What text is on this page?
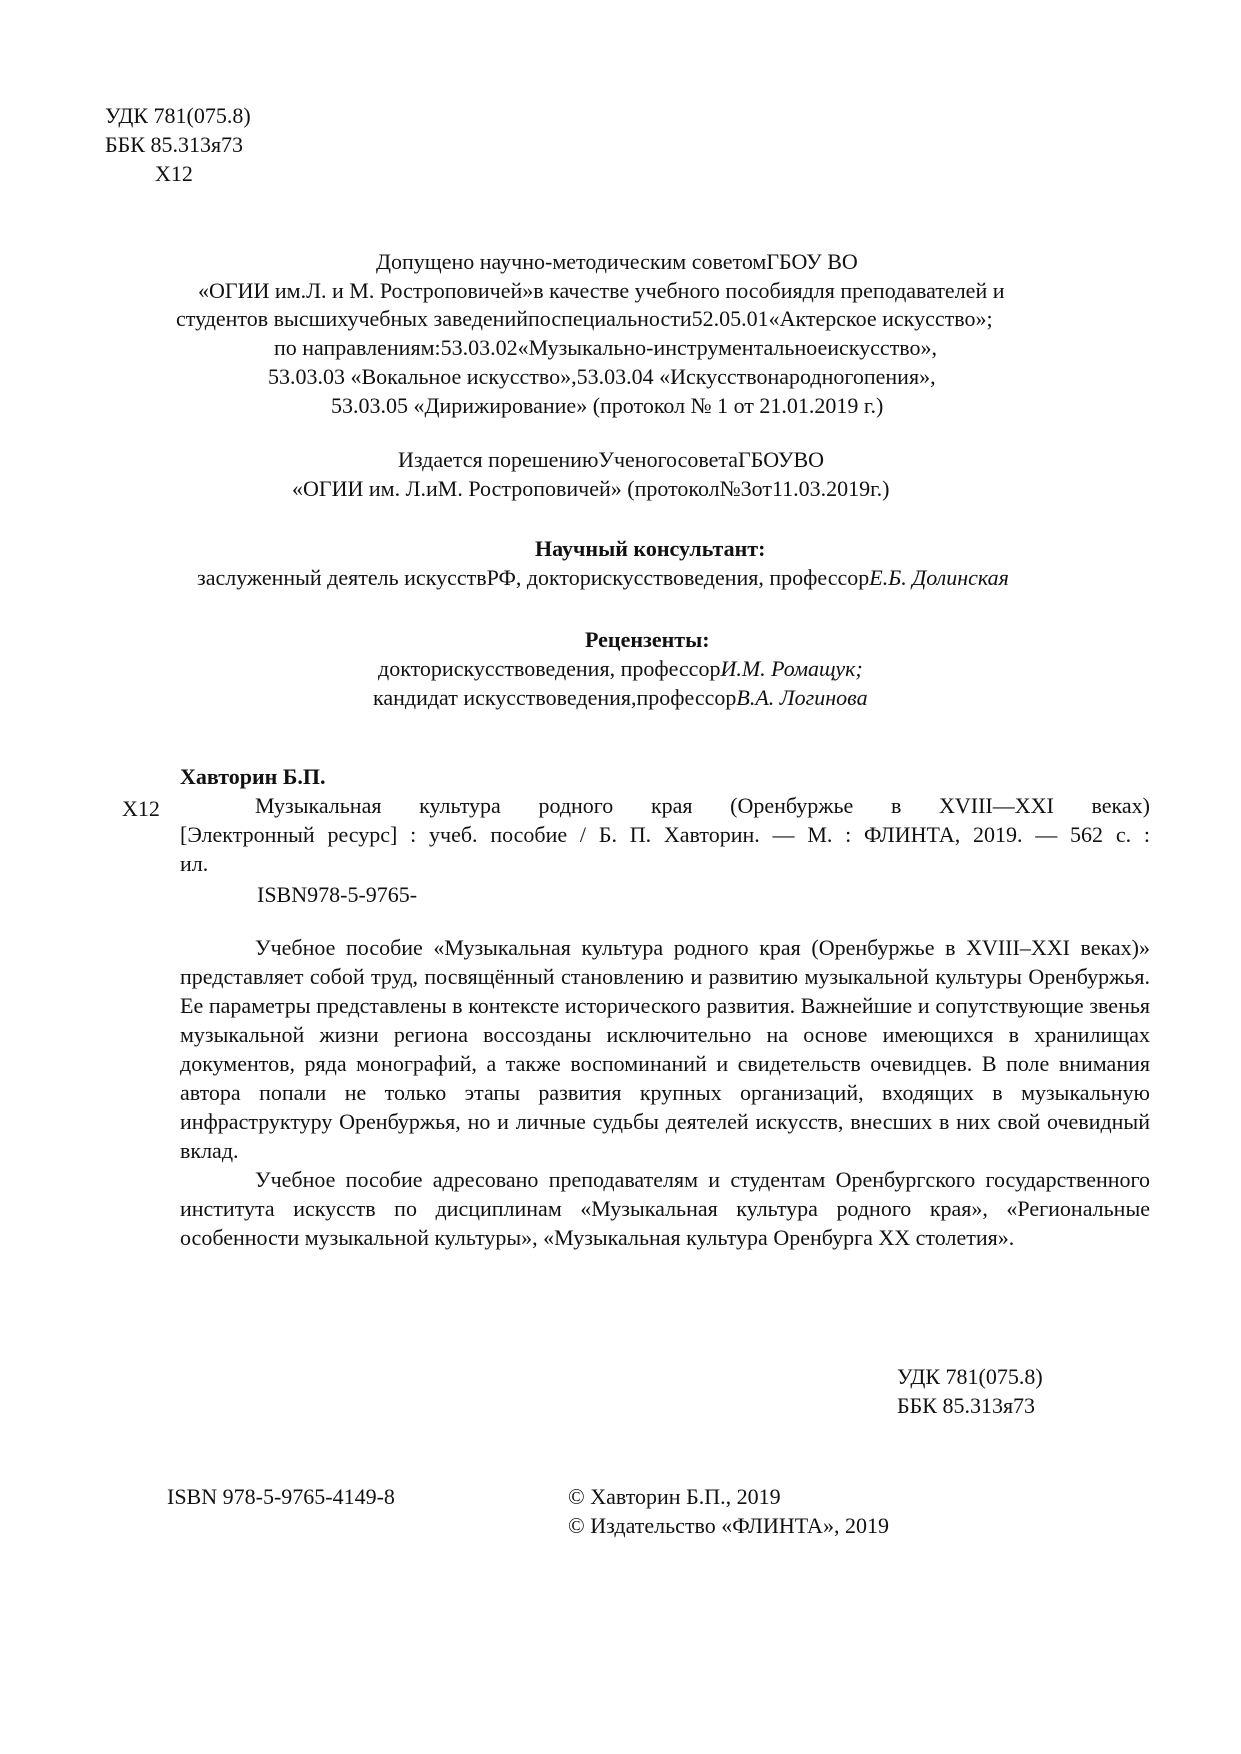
УДК 781(075.8)
ББК 85.313я73
Х12
Допущено научно-методическим советомГБОУ ВО
«ОГИИ им.Л. и М. Ростроповичей»в качестве учебного пособиядля преподавателей и
студентов высшихучебных заведенийпоспециальности52.05.01«Актерское искусство»;
по направлениям:53.03.02«Музыкально-инструментальноеискусство»,
53.03.03 «Вокальное искусство»,53.03.04 «Искусствонародногопения»,
53.03.05 «Дирижирование» (протокол № 1 от 21.01.2019 г.)
Издается порешениюУченогосоветаГБОУВО
«ОГИИ им. Л.иМ. Ростроповичей» (протокол№3от11.03.2019г.)
Научный консультант:
заслуженный деятель искусствРФ, докторискусствоведения, профессорЕ.Б. Долинская
Рецензенты:
докторискусствоведения, профессорИ.М. Ромащук;
кандидат искусствоведения,профессорВ.А. Логинова
Хавторин Б.П.
Х12	Музыкальная культура родного края (Оренбуржье в XVIII—XXI веках)
[Электронный ресурс] : учеб. пособие / Б. П. Хавторин. — М. : ФЛИНТА, 2019. — 562 с. :
ил.
ISBN978-5-9765-

Учебное пособие «Музыкальная культура родного края (Оренбуржье в XVIII–XXI веках)» представляет собой труд, посвящённый становлению и развитию музыкальной культуры Оренбуржья. Ее параметры представлены в контексте исторического развития. Важнейшие и сопутствующие звенья музыкальной жизни региона воссозданы исключительно на основе имеющихся в хранилищах документов, ряда монографий, а также воспоминаний и свидетельств очевидцев. В поле внимания автора попали не только этапы развития крупных организаций, входящих в музыкальную инфраструктуру Оренбуржья, но и личные судьбы деятелей искусств, внесших в них свой очевидный вклад.

Учебное пособие адресовано преподавателям и студентам Оренбургского государственного института искусств по дисциплинам «Музыкальная культура родного края», «Региональные особенности музыкальной культуры», «Музыкальная культура Оренбурга XX столетия».

УДК 781(075.8)
ББК 85.313я73
ISBN 978-5-9765-4149-8	© Хавторин Б.П., 2019
© Издательство «ФЛИНТА», 2019
